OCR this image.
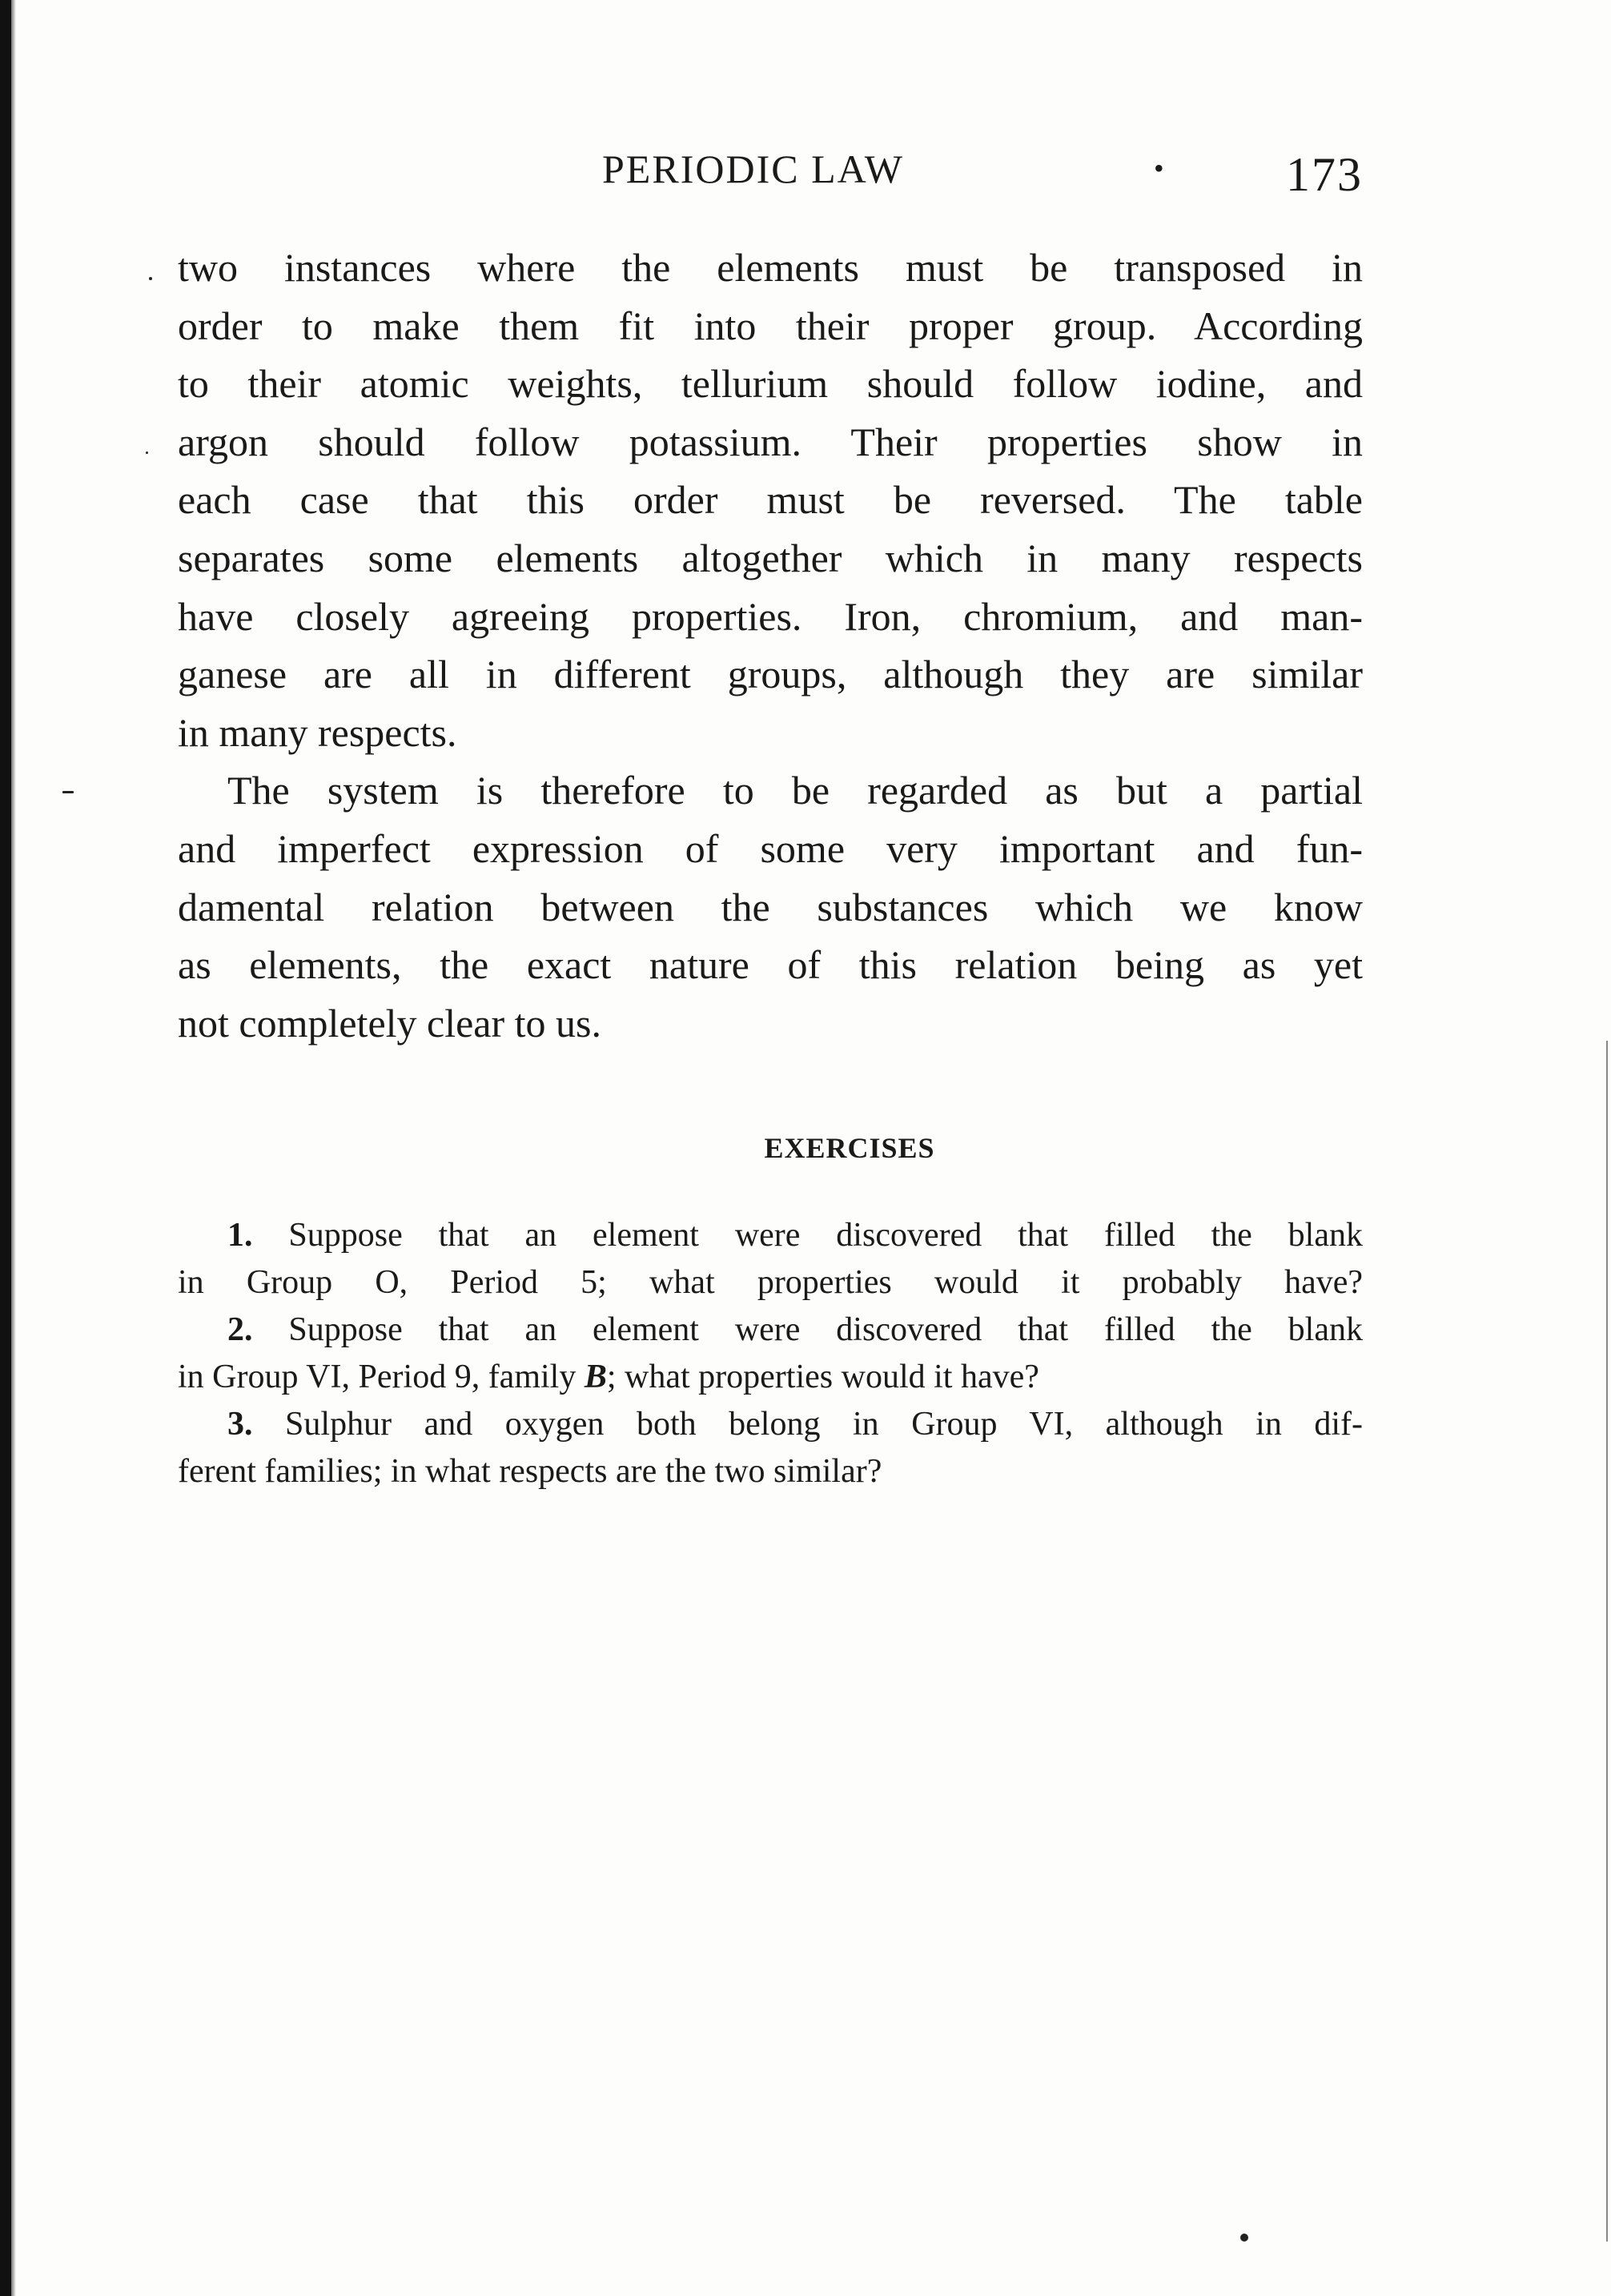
PERIODIC LAW	•	173
two instances where the elements must be transposed in
order to make them fit into their proper group. According
to their atomic weights, tellurium should follow iodine, and
argon should follow potassium. Their properties show in
each case that this order must be reversed. The table
separates some elements altogether which in many respects
have closely agreeing properties. Iron, chromium, and man-
ganese are all in different groups, although they are similar
in many respects.
The system is therefore to be regarded as but a partial
and imperfect expression of some very important and fun-
damental relation between the substances which we know
as elements, the exact nature of this relation being as yet
not completely clear to us.
EXERCISES
1. Suppose that an element were discovered that filled the blank
in Group O, Period 5; what properties would it probably have?
2. Suppose that an element were discovered that filled the blank
in Group VI, Period 9, family B; what properties would it have?
3. Sulphur and oxygen both belong in Group VI, although in dif-
ferent families; in what respects are the two similar?
